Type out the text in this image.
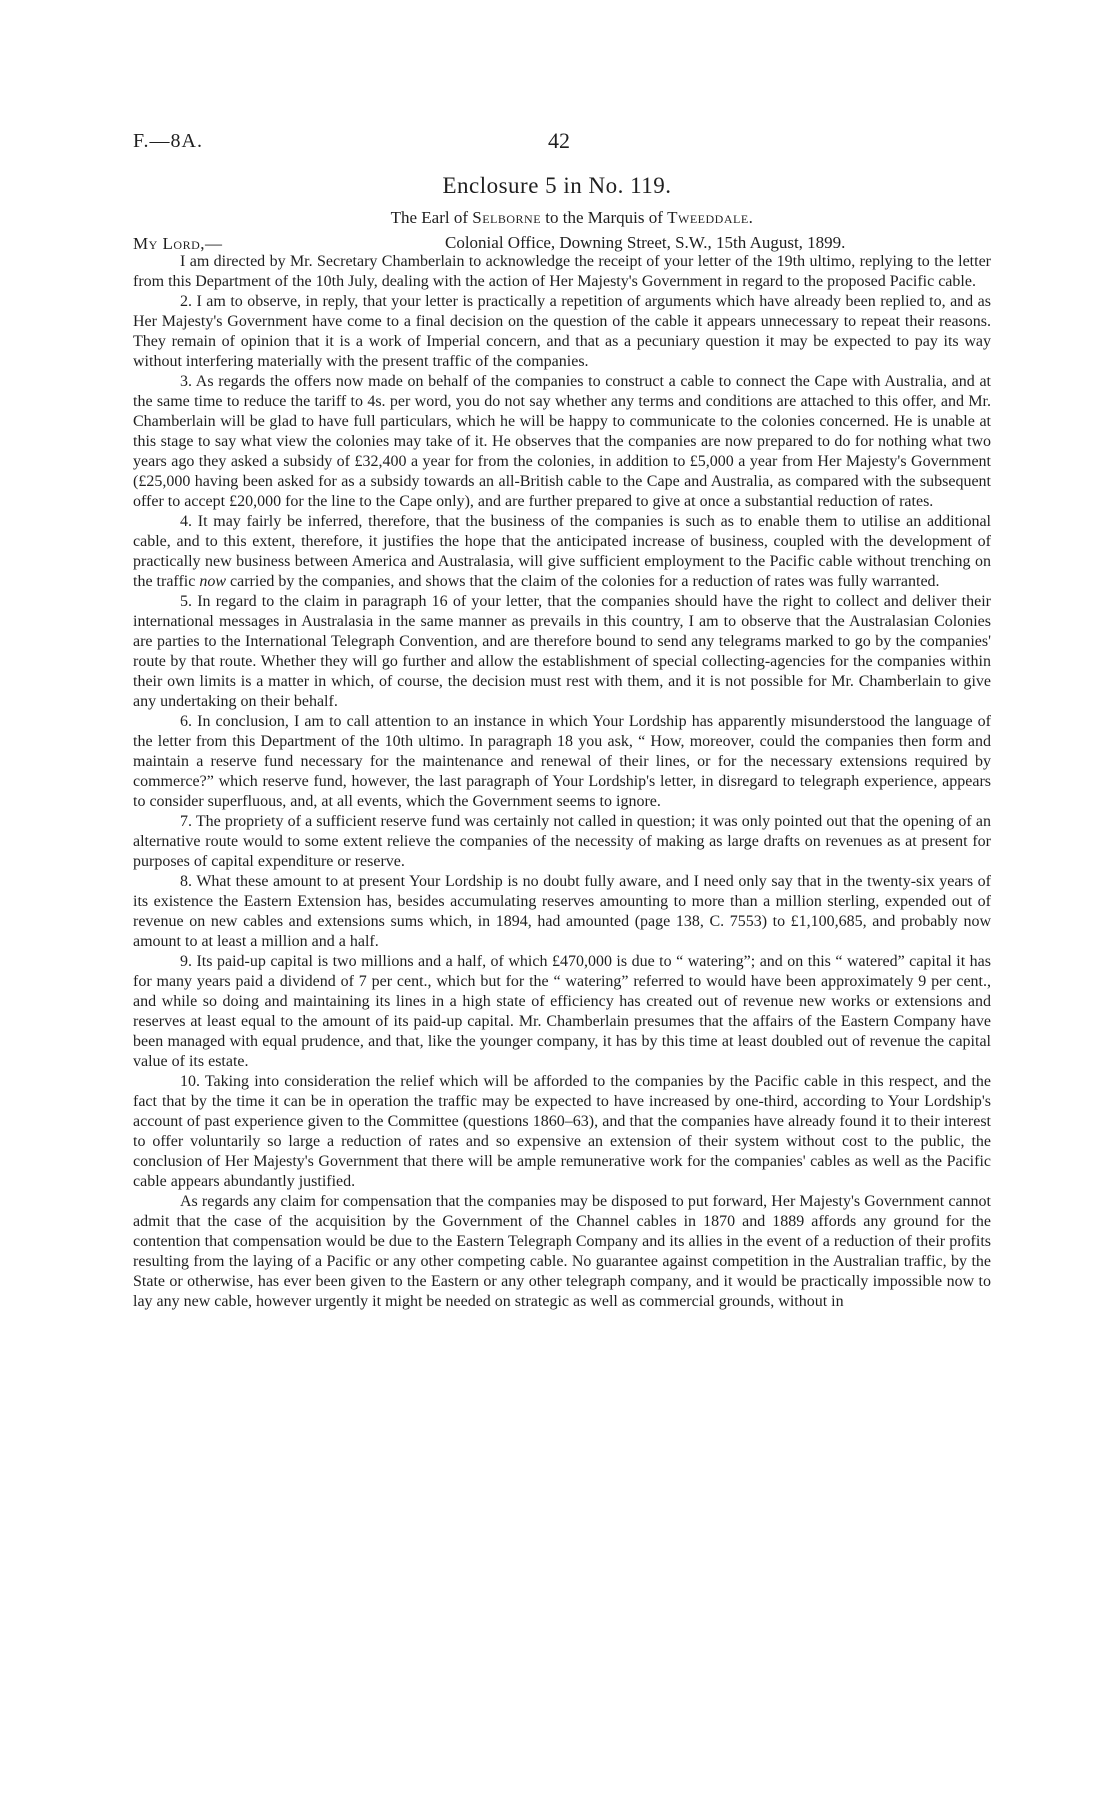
F.—8A.	42
Enclosure 5 in No. 119.
The Earl of Selborne to the Marquis of Tweeddale.
My Lord,—	Colonial Office, Downing Street, S.W., 15th August, 1899.

I am directed by Mr. Secretary Chamberlain to acknowledge the receipt of your letter of the 19th ultimo, replying to the letter from this Department of the 10th July, dealing with the action of Her Majesty's Government in regard to the proposed Pacific cable.

2. I am to observe, in reply, that your letter is practically a repetition of arguments which have already been replied to, and as Her Majesty's Government have come to a final decision on the question of the cable it appears unnecessary to repeat their reasons. They remain of opinion that it is a work of Imperial concern, and that as a pecuniary question it may be expected to pay its way without interfering materially with the present traffic of the companies.

3. As regards the offers now made on behalf of the companies to construct a cable to connect the Cape with Australia, and at the same time to reduce the tariff to 4s. per word, you do not say whether any terms and conditions are attached to this offer, and Mr. Chamberlain will be glad to have full particulars, which he will be happy to communicate to the colonies concerned. He is unable at this stage to say what view the colonies may take of it. He observes that the companies are now prepared to do for nothing what two years ago they asked a subsidy of £32,400 a year for from the colonies, in addition to £5,000 a year from Her Majesty's Government (£25,000 having been asked for as a subsidy towards an all-British cable to the Cape and Australia, as compared with the subsequent offer to accept £20,000 for the line to the Cape only), and are further prepared to give at once a substantial reduction of rates.

4. It may fairly be inferred, therefore, that the business of the companies is such as to enable them to utilise an additional cable, and to this extent, therefore, it justifies the hope that the anticipated increase of business, coupled with the development of practically new business between America and Australasia, will give sufficient employment to the Pacific cable without trenching on the traffic now carried by the companies, and shows that the claim of the colonies for a reduction of rates was fully warranted.

5. In regard to the claim in paragraph 16 of your letter, that the companies should have the right to collect and deliver their international messages in Australasia in the same manner as prevails in this country, I am to observe that the Australasian Colonies are parties to the International Telegraph Convention, and are therefore bound to send any telegrams marked to go by the companies' route by that route. Whether they will go further and allow the establishment of special collecting-agencies for the companies within their own limits is a matter in which, of course, the decision must rest with them, and it is not possible for Mr. Chamberlain to give any undertaking on their behalf.

6. In conclusion, I am to call attention to an instance in which Your Lordship has apparently misunderstood the language of the letter from this Department of the 10th ultimo. In paragraph 18 you ask, “ How, moreover, could the companies then form and maintain a reserve fund necessary for the maintenance and renewal of their lines, or for the necessary extensions required by commerce?” which reserve fund, however, the last paragraph of Your Lordship's letter, in disregard to telegraph experience, appears to consider superfluous, and, at all events, which the Government seems to ignore.

7. The propriety of a sufficient reserve fund was certainly not called in question; it was only pointed out that the opening of an alternative route would to some extent relieve the companies of the necessity of making as large drafts on revenues as at present for purposes of capital expenditure or reserve.

8. What these amount to at present Your Lordship is no doubt fully aware, and I need only say that in the twenty-six years of its existence the Eastern Extension has, besides accumulating reserves amounting to more than a million sterling, expended out of revenue on new cables and extensions sums which, in 1894, had amounted (page 138, C. 7553) to £1,100,685, and probably now amount to at least a million and a half.

9. Its paid-up capital is two millions and a half, of which £470,000 is due to “ watering”; and on this “ watered” capital it has for many years paid a dividend of 7 per cent., which but for the “ watering” referred to would have been approximately 9 per cent., and while so doing and maintaining its lines in a high state of efficiency has created out of revenue new works or extensions and reserves at least equal to the amount of its paid-up capital. Mr. Chamberlain presumes that the affairs of the Eastern Company have been managed with equal prudence, and that, like the younger company, it has by this time at least doubled out of revenue the capital value of its estate.

10. Taking into consideration the relief which will be afforded to the companies by the Pacific cable in this respect, and the fact that by the time it can be in operation the traffic may be expected to have increased by one-third, according to Your Lordship's account of past experience given to the Committee (questions 1860–63), and that the companies have already found it to their interest to offer voluntarily so large a reduction of rates and so expensive an extension of their system without cost to the public, the conclusion of Her Majesty's Government that there will be ample remunerative work for the companies' cables as well as the Pacific cable appears abundantly justified.

As regards any claim for compensation that the companies may be disposed to put forward, Her Majesty's Government cannot admit that the case of the acquisition by the Government of the Channel cables in 1870 and 1889 affords any ground for the contention that compensation would be due to the Eastern Telegraph Company and its allies in the event of a reduction of their profits resulting from the laying of a Pacific or any other competing cable. No guarantee against competition in the Australian traffic, by the State or otherwise, has ever been given to the Eastern or any other telegraph company, and it would be practically impossible now to lay any new cable, however urgently it might be needed on strategic as well as commercial grounds, without in
